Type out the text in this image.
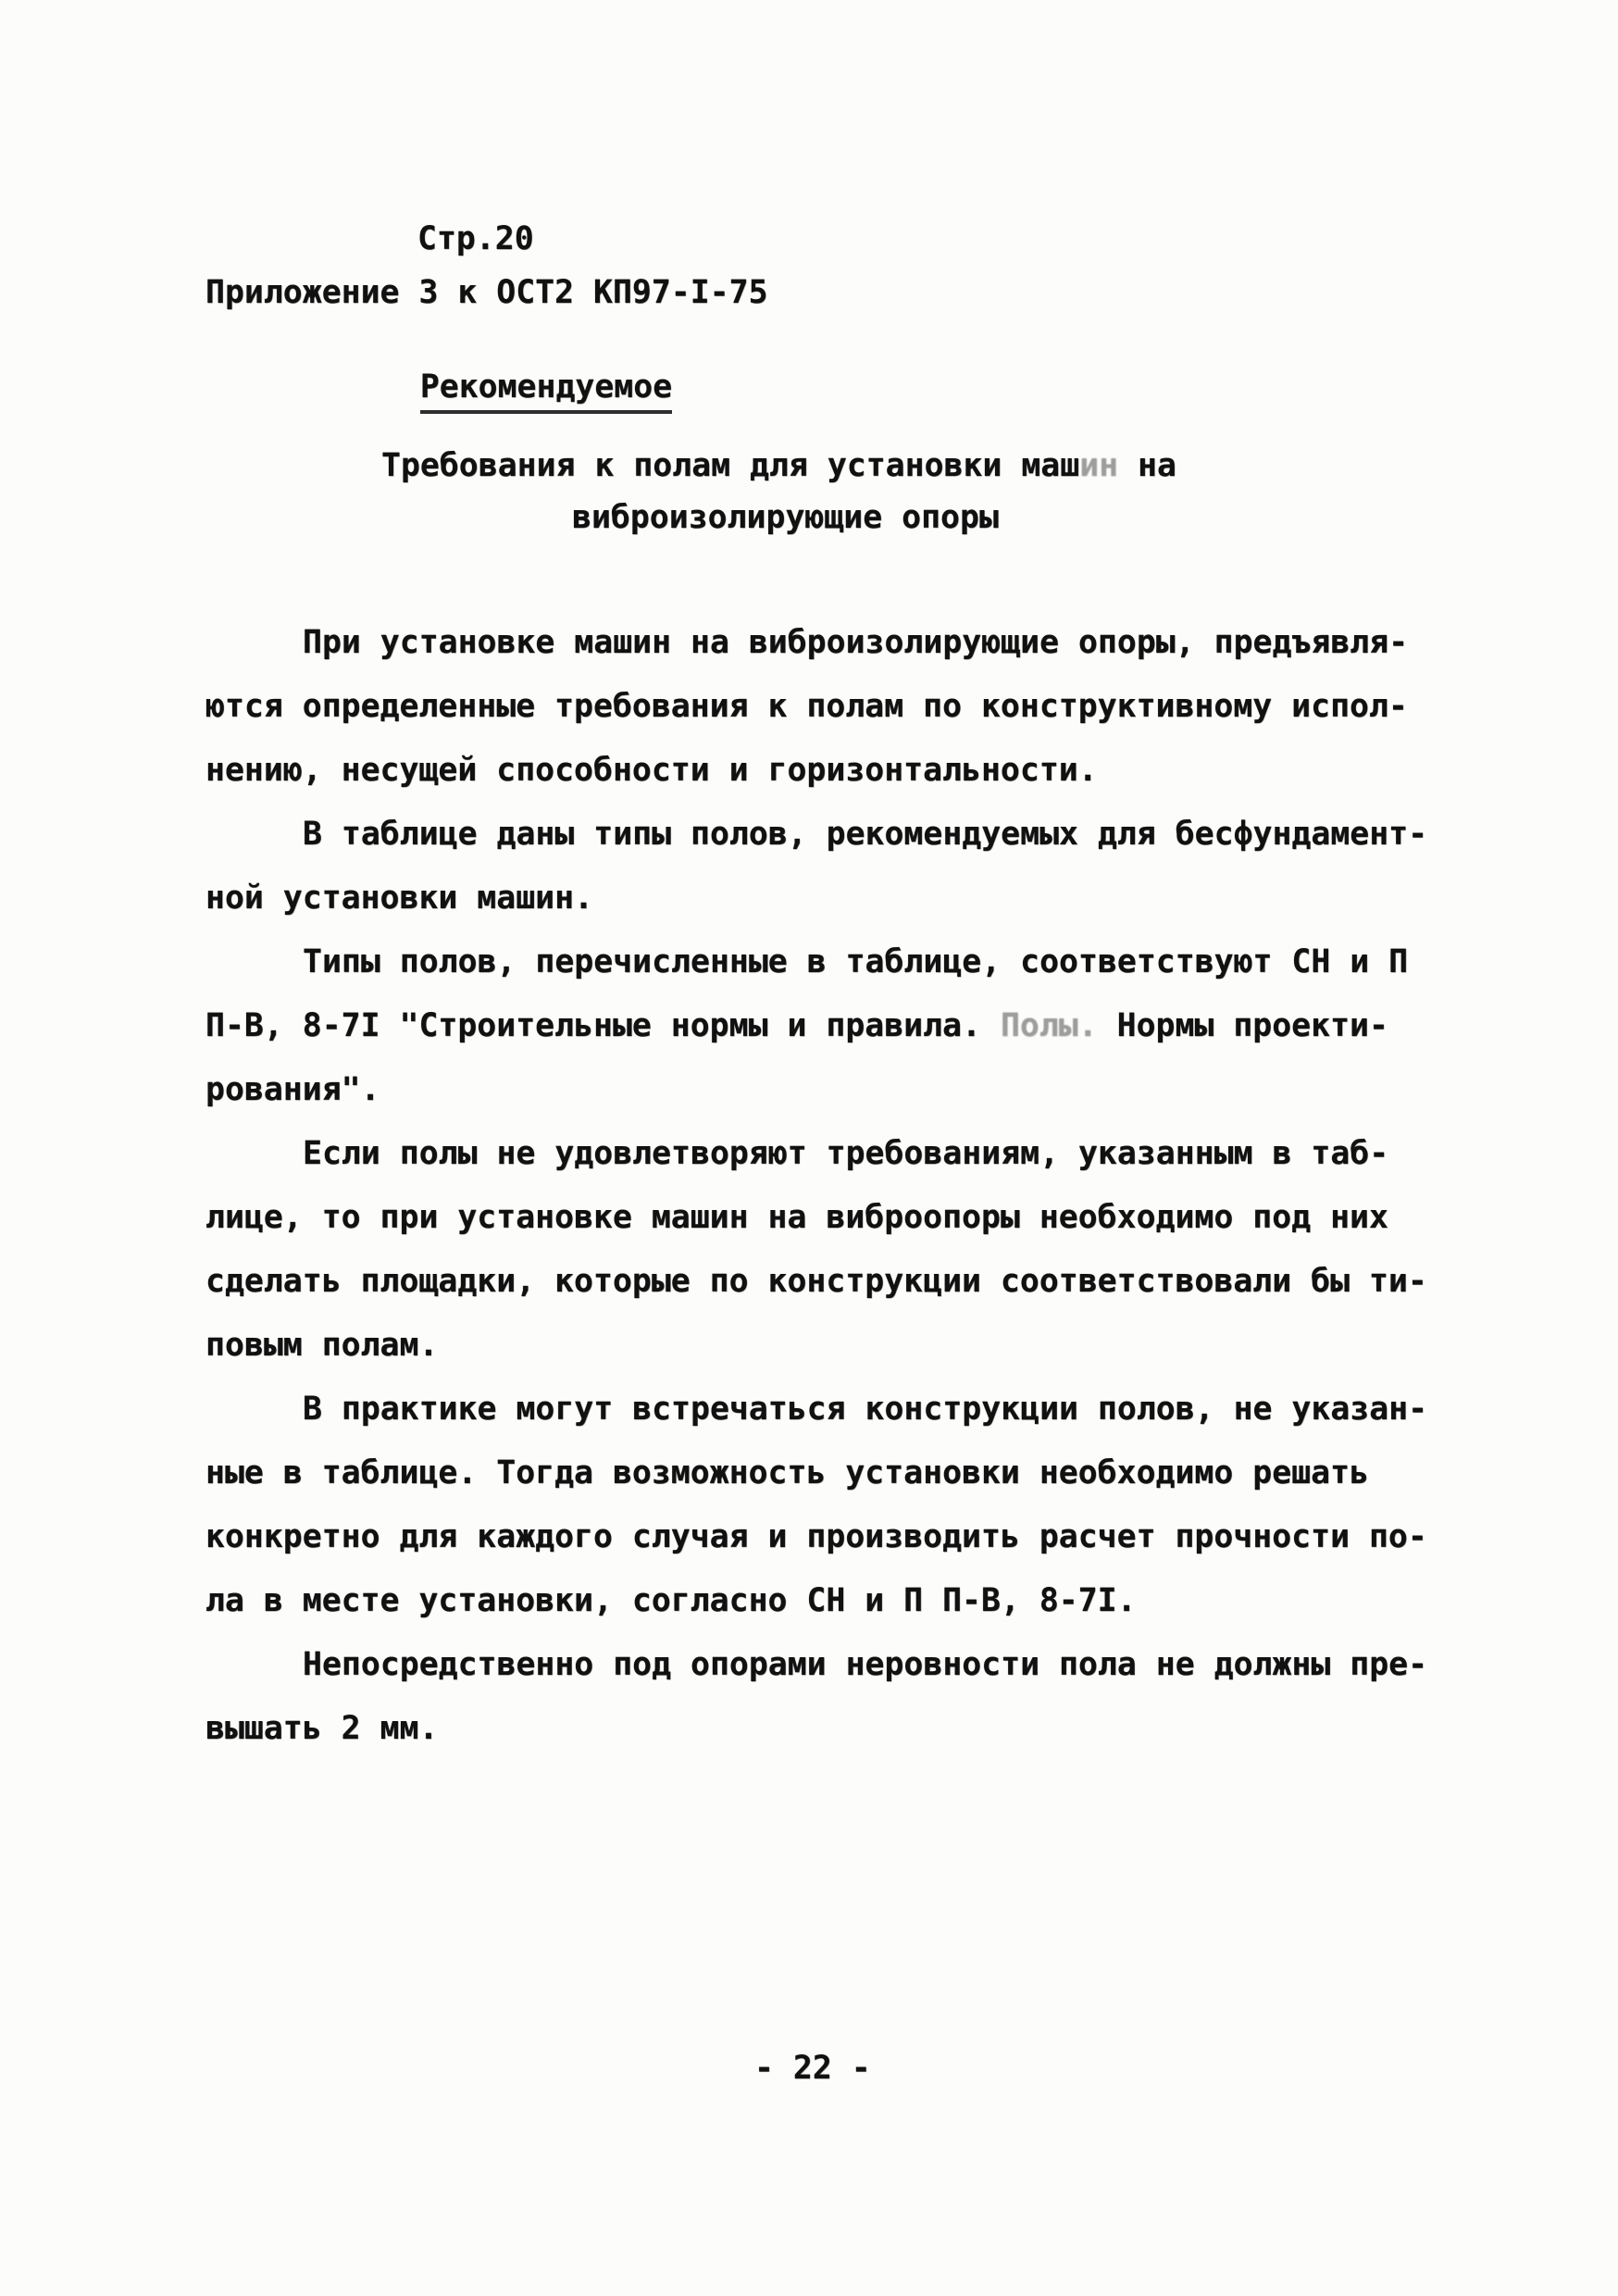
Стр.20
Приложение 3 к ОСТ2 КП97-I-75

Рекомендуемое

Требования к полам для установки машин на
виброизолирующие опоры
При установке машин на виброизолирующие опоры, предъявля-
ются определенные требования к полам по конструктивному испол-
нению, несущей способности и горизонтальности.
В таблице даны типы полов, рекомендуемых для бесфундамент-
ной установки машин.
Типы полов, перечисленные в таблице, соответствуют СН и П
П-В, 8-7I "Строительные нормы и правила. Полы. Нормы проекти-
рования".
Если полы не удовлетворяют требованиям, указанным в таб-
лице, то при установке машин на виброопоры необходимо под них
сделать площадки, которые по конструкции соответствовали бы ти-
повым полам.
В практике могут встречаться конструкции полов, не указан-
ные в таблице. Тогда возможность установки необходимо решать
конкретно для каждого случая и производить расчет прочности по-
ла в месте установки, согласно СН и П П-В, 8-7I.
Непосредственно под опорами неровности пола не должны пре-
вышать 2 мм.
- 22 -
